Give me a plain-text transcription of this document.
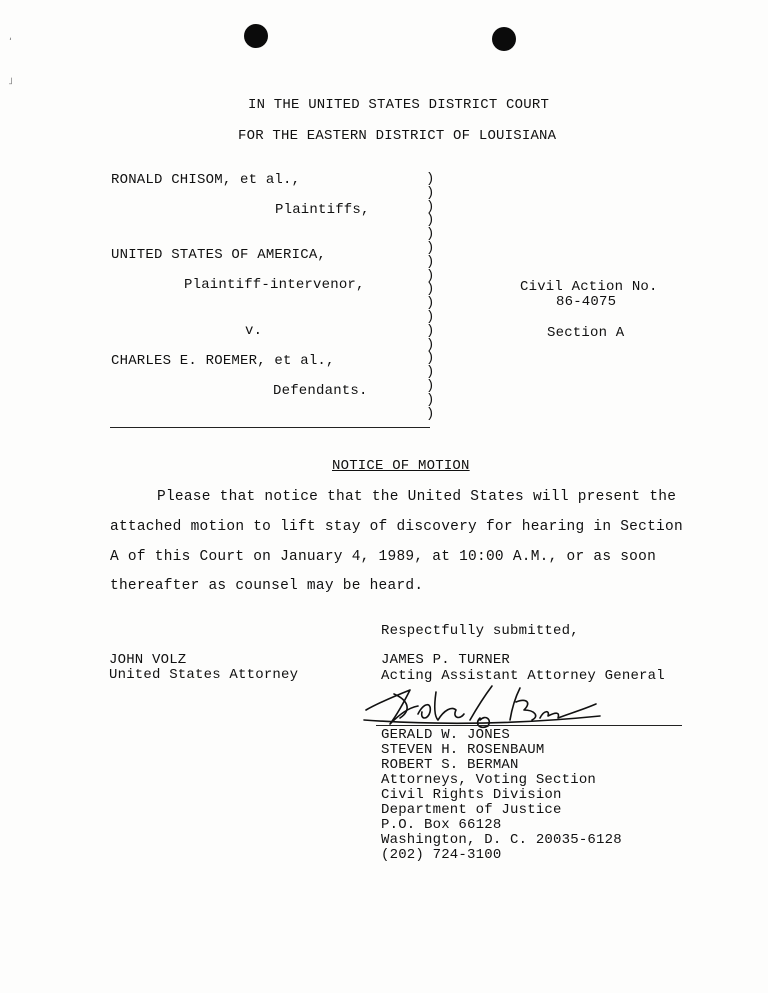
͵
˩
IN THE UNITED STATES DISTRICT COURT
FOR THE EASTERN DISTRICT OF LOUISIANA
RONALD CHISOM, et al.,
Plaintiffs,
UNITED STATES OF AMERICA,
Plaintiff-intervenor,
v.
CHARLES E. ROEMER, et al.,
Defendants.
)
)
)
)
)
)
)
)
)
)
)
)
)
)
)
)
)
)
Civil Action No.
86-4075
Section A
NOTICE OF MOTION
Please that notice that the United States will present the
attached motion to lift stay of discovery for hearing in Section
A of this Court on January 4, 1989, at 10:00 A.M., or as soon
thereafter as counsel may be heard.
Respectfully submitted,
JOHN VOLZ
United States Attorney
JAMES P. TURNER
Acting Assistant Attorney General
GERALD W. JONES
STEVEN H. ROSENBAUM
ROBERT S. BERMAN
Attorneys, Voting Section
Civil Rights Division
Department of Justice
P.O. Box 66128
Washington, D. C. 20035-6128
(202) 724-3100
